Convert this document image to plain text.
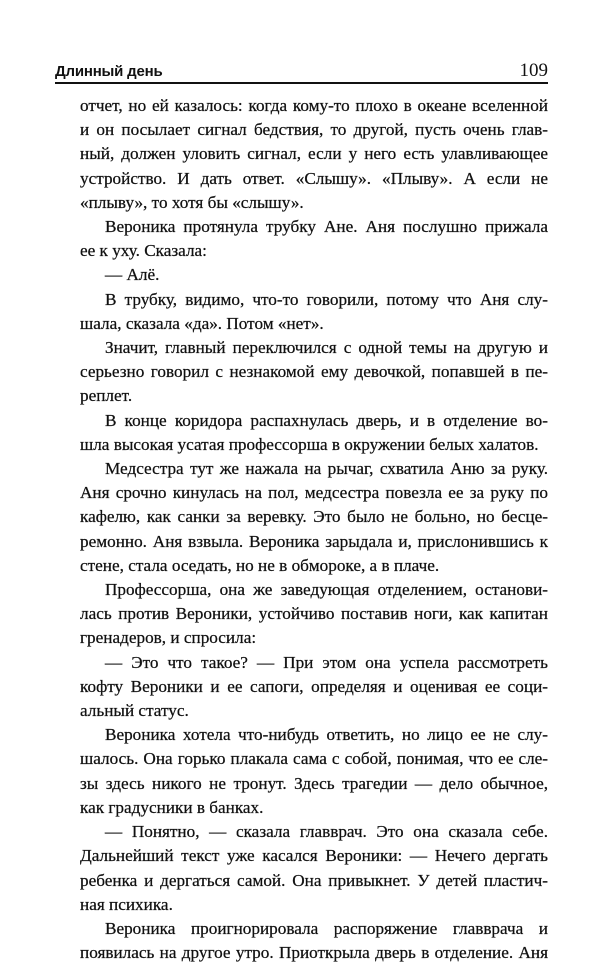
Длинный день	109

отчет, но ей казалось: когда кому-то плохо в океане вселенной
и он посылает сигнал бедствия, то другой, пусть очень глав-
ный, должен уловить сигнал, если у него есть улавливающее
устройство. И дать ответ. «Слышу». «Плыву». А если не
«плыву», то хотя бы «слышу».

Вероника протянула трубку Ане. Аня послушно прижала
ее к уху. Сказала:

— Алё.

В трубку, видимо, что-то говорили, потому что Аня слу-
шала, сказала «да». Потом «нет».

Значит, главный переключился с одной темы на другую и
серьезно говорил с незнакомой ему девочкой, попавшей в пе-
реплет.

В конце коридора распахнулась дверь, и в отделение во-
шла высокая усатая профессорша в окружении белых халатов.

Медсестра тут же нажала на рычаг, схватила Аню за руку.
Аня срочно кинулась на пол, медсестра повезла ее за руку по
кафелю, как санки за веревку. Это было не больно, но бесце-
ремонно. Аня взвыла. Вероника зарыдала и, прислонившись к
стене, стала оседать, но не в обмороке, а в плаче.

Профессорша, она же заведующая отделением, останови-
лась против Вероники, устойчиво поставив ноги, как капитан
гренадеров, и спросила:

— Это что такое? — При этом она успела рассмотреть
кофту Вероники и ее сапоги, определяя и оценивая ее соци-
альный статус.

Вероника хотела что-нибудь ответить, но лицо ее не слу-
шалось. Она горько плакала сама с собой, понимая, что ее сле-
зы здесь никого не тронут. Здесь трагедии — дело обычное,
как градусники в банках.

— Понятно, — сказала главврач. Это она сказала себе.
Дальнейший текст уже касался Вероники: — Нечего дергать
ребенка и дергаться самой. Она привыкнет. У детей пластич-
ная психика.

Вероника проигнорировала распоряжение главврача и
появилась на другое утро. Приоткрыла дверь в отделение. Аня
